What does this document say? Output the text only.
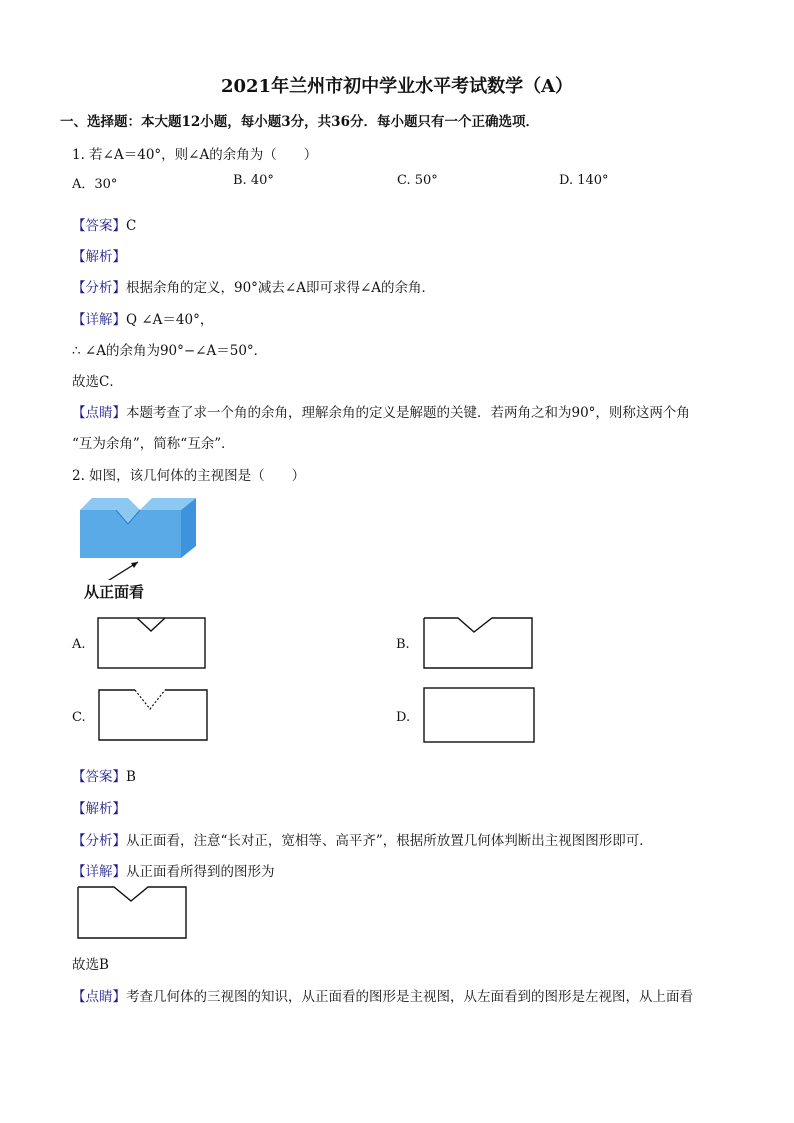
2021年兰州市初中学业水平考试数学（A）
一、选择题：本大题12小题，每小题3分，共36分．每小题只有一个正确选项．
1. 若∠A＝40°，则∠A的余角为（　　）
A．30°	B. 40°	C. 50°	D. 140°
【答案】C
【解析】
【分析】根据余角的定义，90°减去∠A即可求得∠A的余角．
【详解】Q ∠A＝40°，
∴ ∠A的余角为90°−∠A＝50°．
故选C．
【点睛】本题考查了求一个角的余角，理解余角的定义是解题的关键．若两角之和为90°，则称这两个角
“互为余角”，简称“互余”．
2. 如图，该几何体的主视图是（　　）
从正面看
A.	B.
C.	D.
【答案】B
【解析】
【分析】从正面看，注意“长对正，宽相等、高平齐”，根据所放置几何体判断出主视图图形即可．
【详解】从正面看所得到的图形为
故选B
【点睛】考查几何体的三视图的知识，从正面看的图形是主视图，从左面看到的图形是左视图，从上面看
